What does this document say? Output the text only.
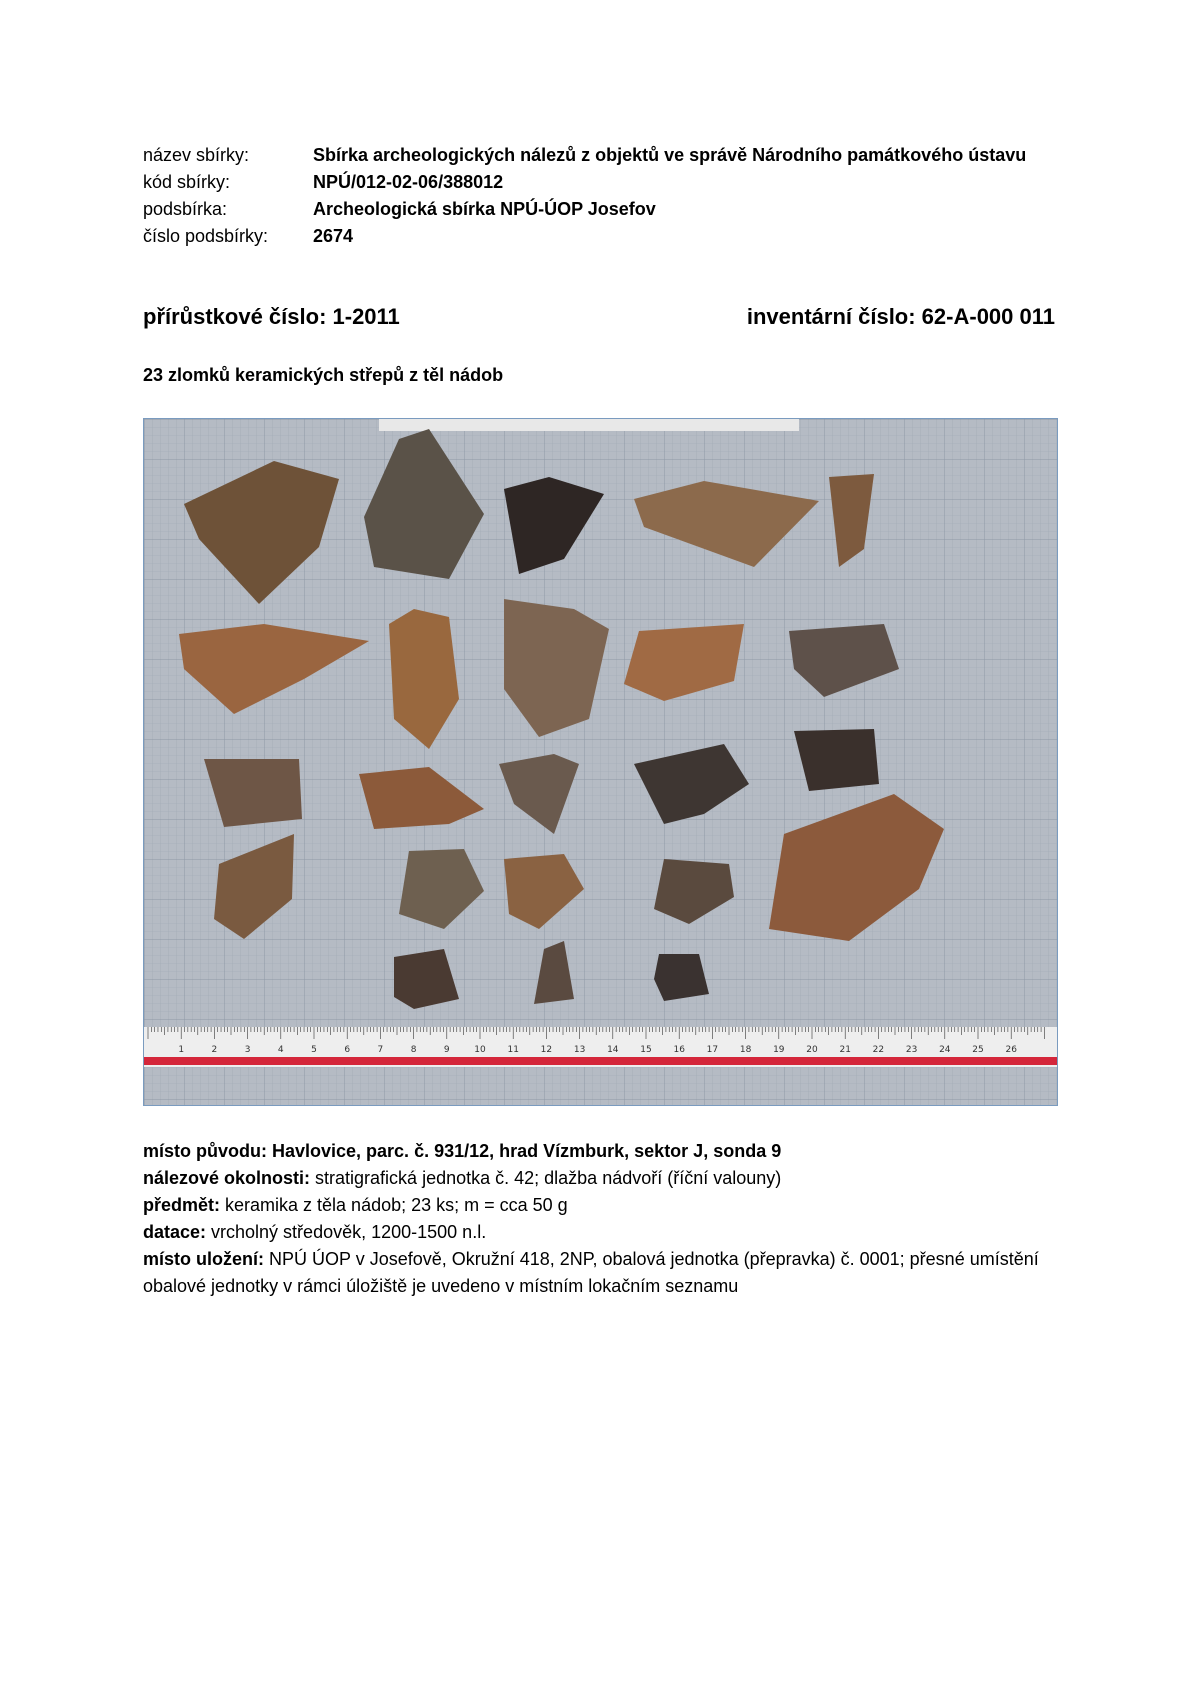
název sbírky:	Sbírka archeologických nálezů z objektů ve správě Národního památkového ústavu
kód sbírky:	NPÚ/012-02-06/388012
podsbírka:	Archeologická sbírka NPÚ-ÚOP Josefov
číslo podsbírky:	2674
přírůstkové číslo: 1-2011	inventární číslo: 62-A-000 011
23 zlomků keramických střepů z těl nádob
1	2	3	4	5	6	7	8	9	10 11 12 13 14 15 16 17 18 19 20 21 22 23 24 25 26

místo původu: Havlovice, parc. č. 931/12, hrad Vízmburk, sektor J, sonda 9

nálezové okolnosti: stratigrafická jednotka č. 42; dlažba nádvoří (říční valouny)

předmět: keramika z těla nádob; 23 ks; m = cca 50 g

datace: vrcholný středověk, 1200-1500 n.l.

místo uložení: NPÚ ÚOP v Josefově, Okružní 418, 2NP, obalová jednotka (přepravka) č. 0001; přesné umístění obalové jednotky v rámci úložiště je uvedeno v místním lokačním seznamu
